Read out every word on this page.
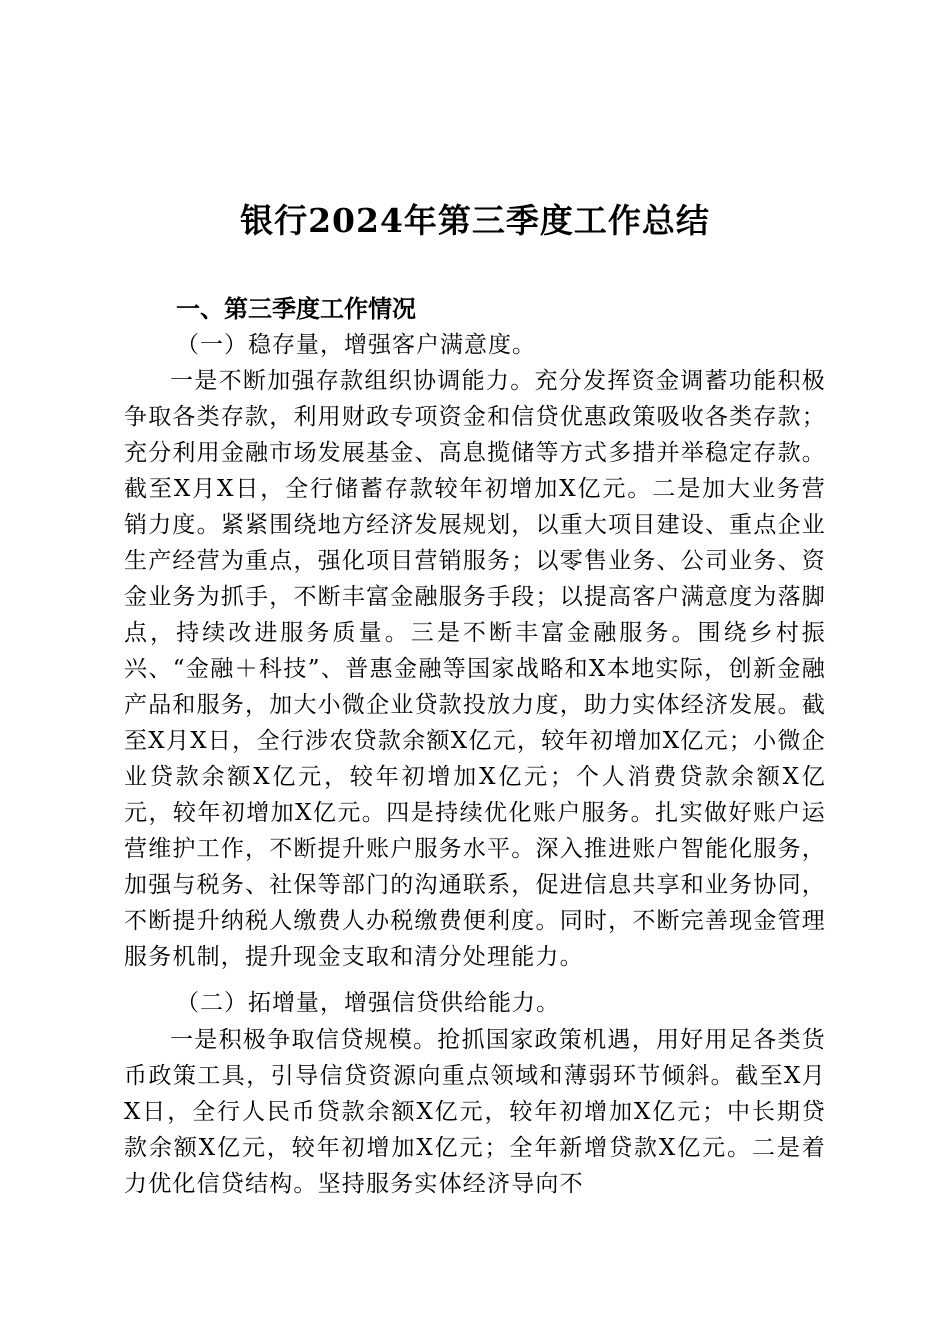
银行2024年第三季度工作总结
一、第三季度工作情况
（一）稳存量，增强客户满意度。

一是不断加强存款组织协调能力。充分发挥资金调蓄功能积极争取各类存款，利用财政专项资金和信贷优惠政策吸收各类存款；充分利用金融市场发展基金、高息揽储等方式多措并举稳定存款。截至X月X日，全行储蓄存款较年初增加X亿元。二是加大业务营销力度。紧紧围绕地方经济发展规划，以重大项目建设、重点企业生产经营为重点，强化项目营销服务；以零售业务、公司业务、资金业务为抓手，不断丰富金融服务手段；以提高客户满意度为落脚点，持续改进服务质量。三是不断丰富金融服务。围绕乡村振兴、“金融＋科技”、普惠金融等国家战略和X本地实际，创新金融产品和服务，加大小微企业贷款投放力度，助力实体经济发展。截至X月X日，全行涉农贷款余额X亿元，较年初增加X亿元；小微企业贷款余额X亿元，较年初增加X亿元；个人消费贷款余额X亿元，较年初增加X亿元。四是持续优化账户服务。扎实做好账户运营维护工作，不断提升账户服务水平。深入推进账户智能化服务，加强与税务、社保等部门的沟通联系，促进信息共享和业务协同，不断提升纳税人缴费人办税缴费便利度。同时，不断完善现金管理服务机制，提升现金支取和清分处理能力。

（二）拓增量，增强信贷供给能力。

一是积极争取信贷规模。抢抓国家政策机遇，用好用足各类货币政策工具，引导信贷资源向重点领域和薄弱环节倾斜。截至X月X日，全行人民币贷款余额X亿元，较年初增加X亿元；中长期贷款余额X亿元，较年初增加X亿元；全年新增贷款X亿元。二是着力优化信贷结构。坚持服务实体经济导向不
